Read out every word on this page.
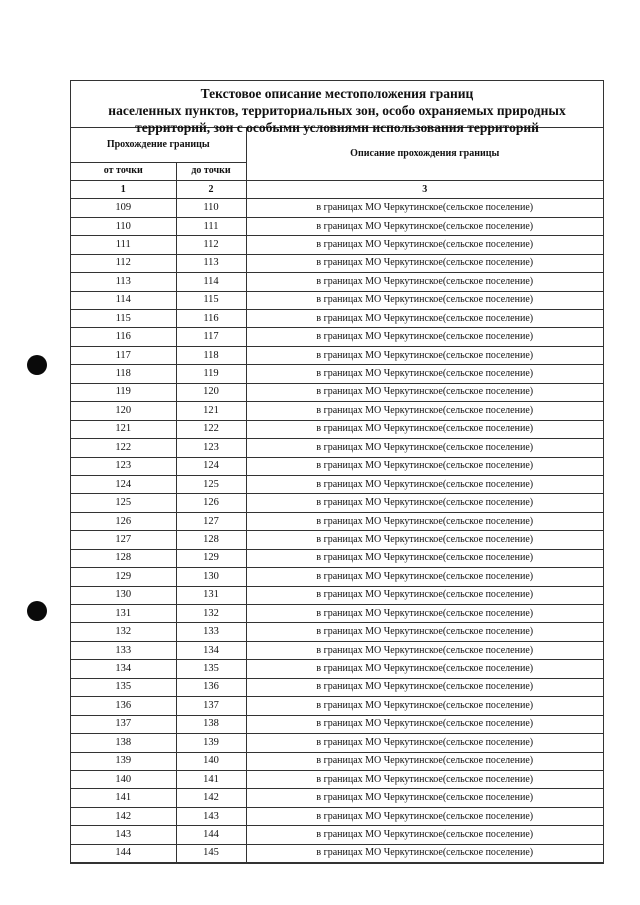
Текстовое описание местоположения границ
населенных пунктов, территориальных зон, особо охраняемых природных
территорий, зон с особыми условиями использования территорий
Прохождение границы		Описание прохождения границы
от точки	до точки	
1	2	3
109	110	в границах МО Черкутинское(сельское поселение)
110	111	в границах МО Черкутинское(сельское поселение)
111	112	в границах МО Черкутинское(сельское поселение)
112	113	в границах МО Черкутинское(сельское поселение)
113	114	в границах МО Черкутинское(сельское поселение)
114	115	в границах МО Черкутинское(сельское поселение)
115	116	в границах МО Черкутинское(сельское поселение)
116	117	в границах МО Черкутинское(сельское поселение)
117	118	в границах МО Черкутинское(сельское поселение)
118	119	в границах МО Черкутинское(сельское поселение)
119	120	в границах МО Черкутинское(сельское поселение)
120	121	в границах МО Черкутинское(сельское поселение)
121	122	в границах МО Черкутинское(сельское поселение)
122	123	в границах МО Черкутинское(сельское поселение)
123	124	в границах МО Черкутинское(сельское поселение)
124	125	в границах МО Черкутинское(сельское поселение)
125	126	в границах МО Черкутинское(сельское поселение)
126	127	в границах МО Черкутинское(сельское поселение)
127	128	в границах МО Черкутинское(сельское поселение)
128	129	в границах МО Черкутинское(сельское поселение)
129	130	в границах МО Черкутинское(сельское поселение)
130	131	в границах МО Черкутинское(сельское поселение)
131	132	в границах МО Черкутинское(сельское поселение)
132	133	в границах МО Черкутинское(сельское поселение)
133	134	в границах МО Черкутинское(сельское поселение)
134	135	в границах МО Черкутинское(сельское поселение)
135	136	в границах МО Черкутинское(сельское поселение)
136	137	в границах МО Черкутинское(сельское поселение)
137	138	в границах МО Черкутинское(сельское поселение)
138	139	в границах МО Черкутинское(сельское поселение)
139	140	в границах МО Черкутинское(сельское поселение)
140	141	в границах МО Черкутинское(сельское поселение)
141	142	в границах МО Черкутинское(сельское поселение)
142	143	в границах МО Черкутинское(сельское поселение)
143	144	в границах МО Черкутинское(сельское поселение)
144	145	в границах МО Черкутинское(сельское поселение)
